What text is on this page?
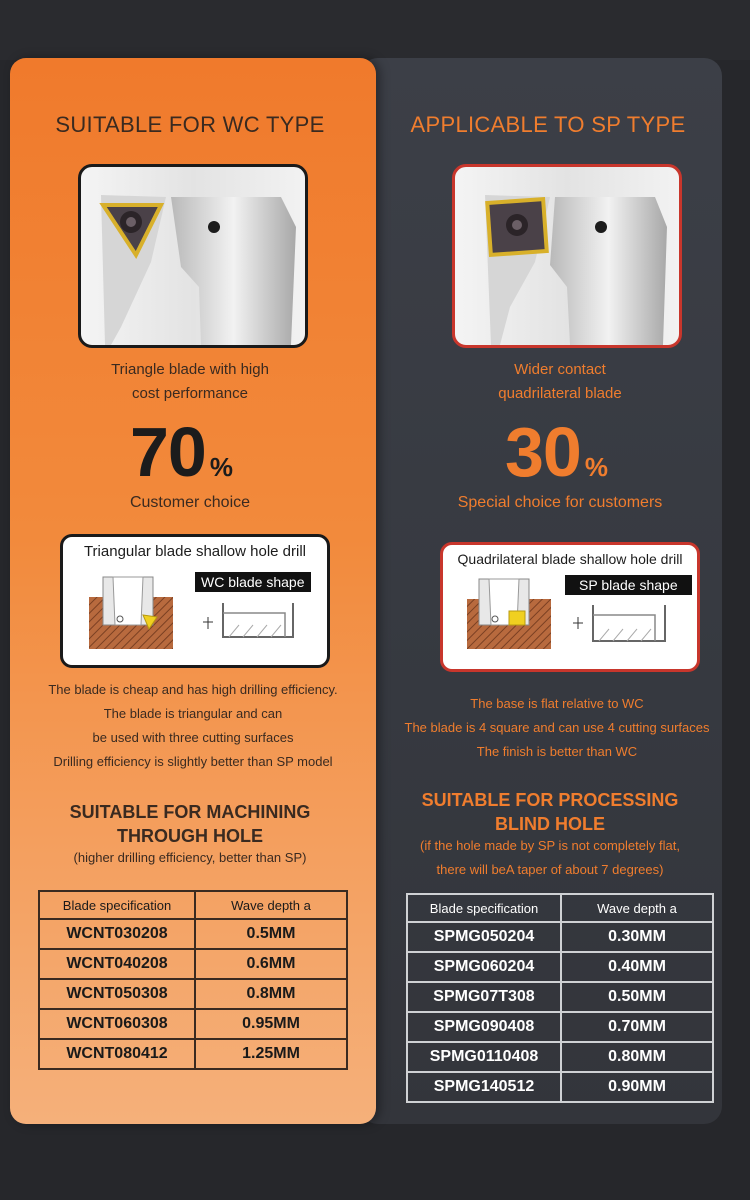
SUITABLE FOR WC TYPE
Triangle blade with high
cost performance
70 %
Customer choice
Triangular blade shallow hole drill
WC blade shape
The blade is cheap and has high drilling efficiency.
The blade is triangular and can
be used with three cutting surfaces
Drilling efficiency is slightly better than SP model
SUITABLE FOR MACHINING
THROUGH HOLE
(higher drilling efficiency, better than SP)
Blade specification	Wave depth a
WCNT030208	0.5MM
WCNT040208	0.6MM
WCNT050308	0.8MM
WCNT060308	0.95MM
WCNT080412	1.25MM
APPLICABLE TO SP TYPE
Wider contact
quadrilateral blade
30 %
Special choice for customers
Quadrilateral blade shallow hole drill
SP blade shape
The base is flat relative to WC
The blade is 4 square and can use 4 cutting surfaces
The finish is better than WC
SUITABLE FOR PROCESSING
BLIND HOLE
(if the hole made by SP is not completely flat,
there will beA taper of about 7 degrees)
Blade specification	Wave depth a
SPMG050204	0.30MM
SPMG060204	0.40MM
SPMG07T308	0.50MM
SPMG090408	0.70MM
SPMG0110408	0.80MM
SPMG140512	0.90MM
